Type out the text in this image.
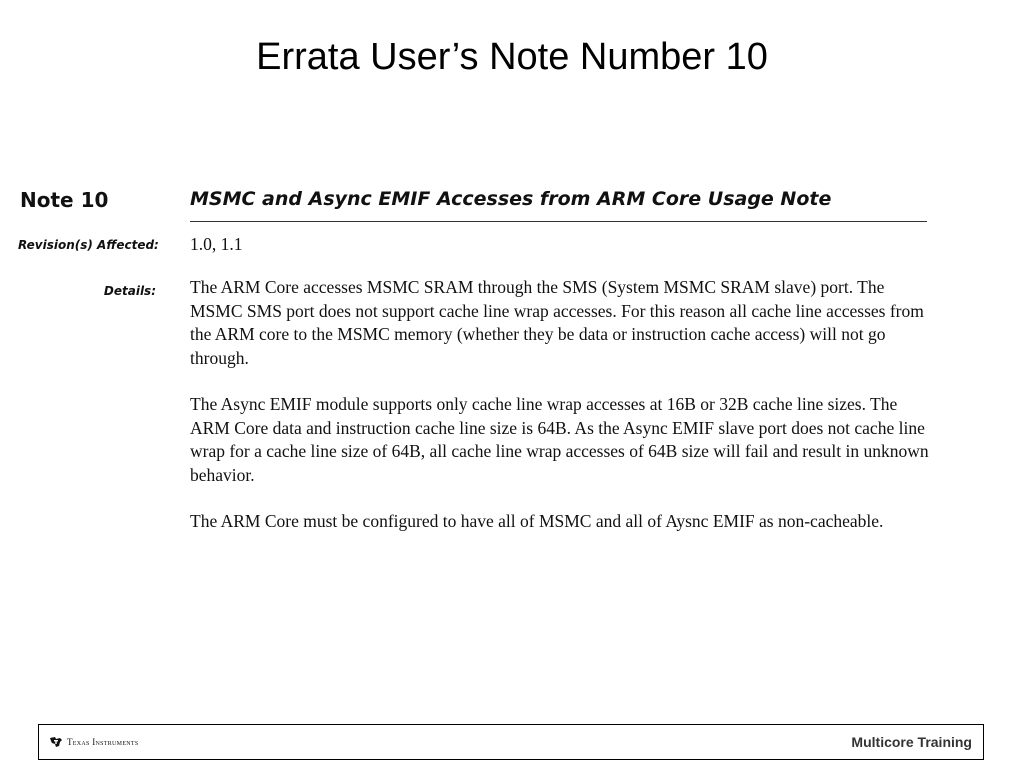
Errata User’s Note Number 10
Note 10	MSMC and Async EMIF Accesses from ARM Core Usage Note
Revision(s) Affected: 1.0, 1.1
Details: The ARM Core accesses MSMC SRAM through the SMS (System MSMC SRAM slave) port. The MSMC SMS port does not support cache line wrap accesses. For this reason all cache line accesses from the ARM core to the MSMC memory (whether they be data or instruction cache access) will not go through.

The Async EMIF module supports only cache line wrap accesses at 16B or 32B cache line sizes. The ARM Core data and instruction cache line size is 64B. As the Async EMIF slave port does not cache line wrap for a cache line size of 64B, all cache line wrap accesses of 64B size will fail and result in unknown behavior.

The ARM Core must be configured to have all of MSMC and all of Aysnc EMIF as non-cacheable.

Texas Instruments	Multicore Training
